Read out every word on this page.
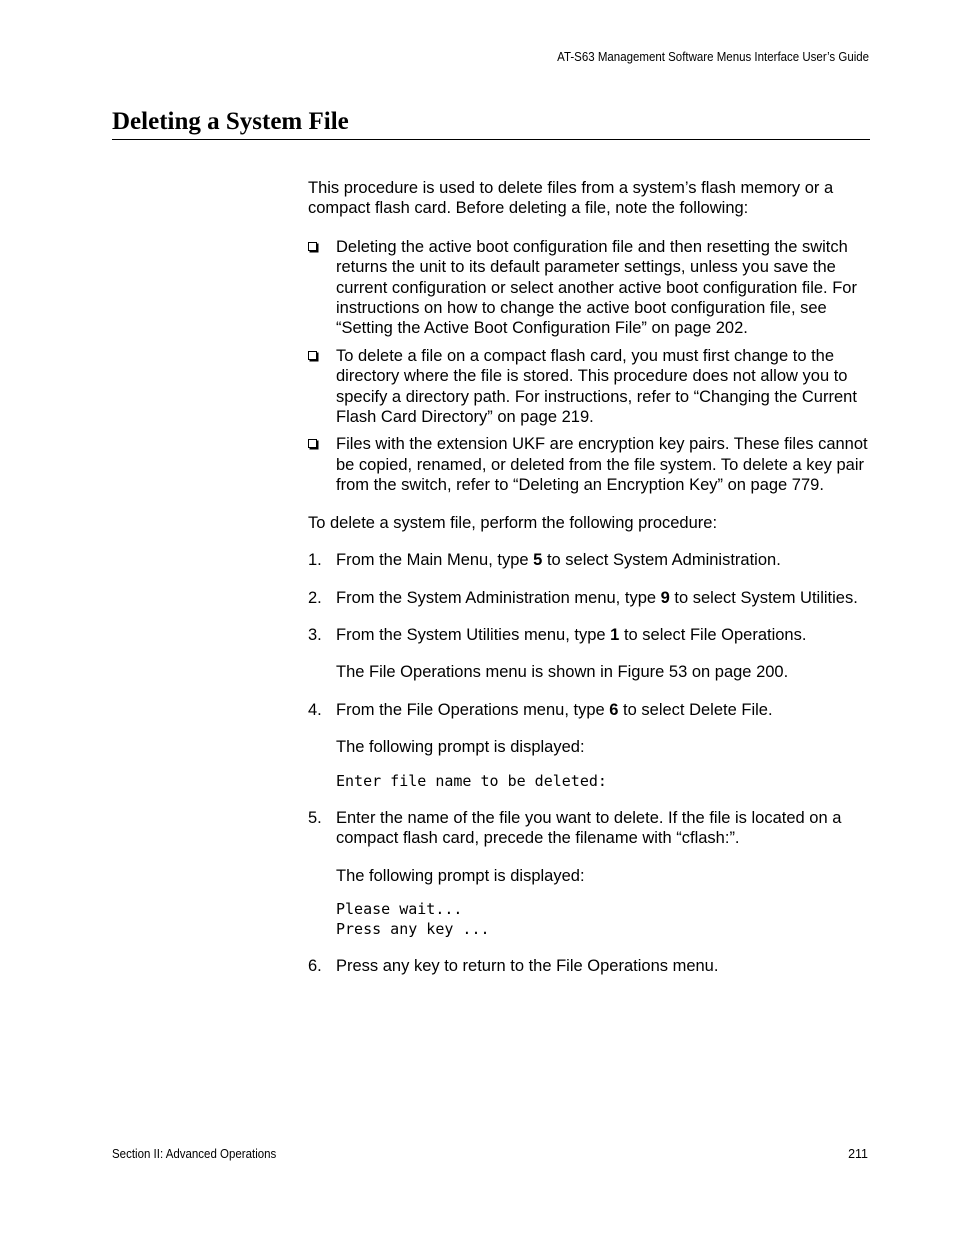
AT-S63 Management Software Menus Interface User’s Guide
Deleting a System File

This procedure is used to delete files from a system’s flash memory or a compact flash card. Before deleting a file, note the following:

Deleting the active boot configuration file and then resetting the switch returns the unit to its default parameter settings, unless you save the current configuration or select another active boot configuration file. For instructions on how to change the active boot configuration file, see “Setting the Active Boot Configuration File” on page 202.
To delete a file on a compact flash card, you must first change to the directory where the file is stored. This procedure does not allow you to specify a directory path. For instructions, refer to “Changing the Current Flash Card Directory” on page 219.
Files with the extension UKF are encryption key pairs. These files cannot be copied, renamed, or deleted from the file system. To delete a key pair from the switch, refer to “Deleting an Encryption Key” on page 779.

To delete a system file, perform the following procedure:

1. From the Main Menu, type 5 to select System Administration.
2. From the System Administration menu, type 9 to select System Utilities.
3. From the System Utilities menu, type 1 to select File Operations.

The File Operations menu is shown in Figure 53 on page 200.

4. From the File Operations menu, type 6 to select Delete File.

The following prompt is displayed:

Enter file name to be deleted:
5. Enter the name of the file you want to delete. If the file is located on a compact flash card, precede the filename with “cflash:”.

The following prompt is displayed:

Please wait...
Press any key ...
6. Press any key to return to the File Operations menu.
Section II: Advanced Operations	211
